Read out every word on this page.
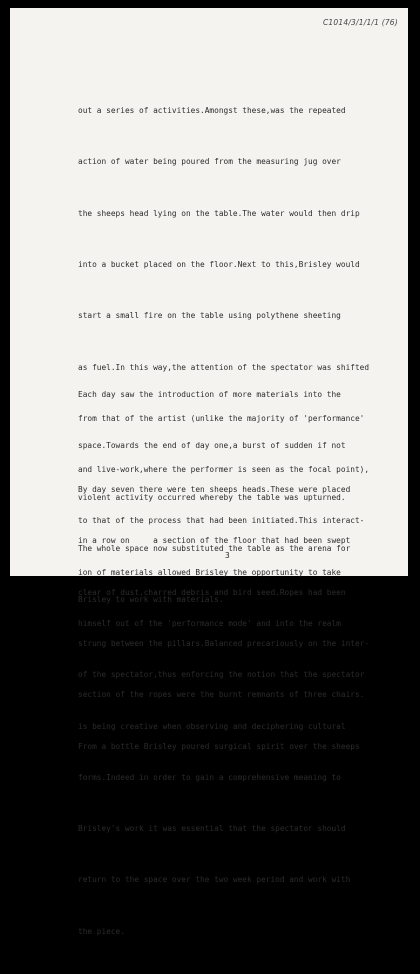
C1014/3/1/1/1 (76)

out a series of activities.Amongst these,was the repeated

action of water being poured from the measuring jug over

the sheeps head lying on the table.The water would then drip

into a bucket placed on the floor.Next to this,Brisley would

start a small fire on the table using polythene sheeting

as fuel.In this way,the attention of the spectator was shifted

from that of the artist (unlike the majority of 'performance'

and live-work,where the performer is seen as the focal point),

to that of the process that had been initiated.This interact-

ion of materials allowed Brisley the opportunity to take

himself out of the 'performance mode' and into the realm

of the spectator,thus enforcing the notion that the spectator

is being creative when observing and deciphering cultural

forms.Indeed in order to gain a comprehensive meaning to

Brisley's work it was essential that the spectator should

return to the space over the two week period and work with

the piece.

Each day saw the introduction of more materials into the

space.Towards the end of day one,a burst of sudden if not

violent activity occurred whereby the table was upturned.

The whole space now substituted the table as the arena for

Brisley to work with materials.

By day seven there were ten sheeps heads.These were placed

in a row on     a section of the floor that had been swept

clear of dust,charred debris and bird seed.Ropes had been

strung between the pillars.Balanced precariously on the inter-

section of the ropes were the burnt remnants of three chairs.

From a bottle Brisley poured surgical spirit over the sheeps

3
